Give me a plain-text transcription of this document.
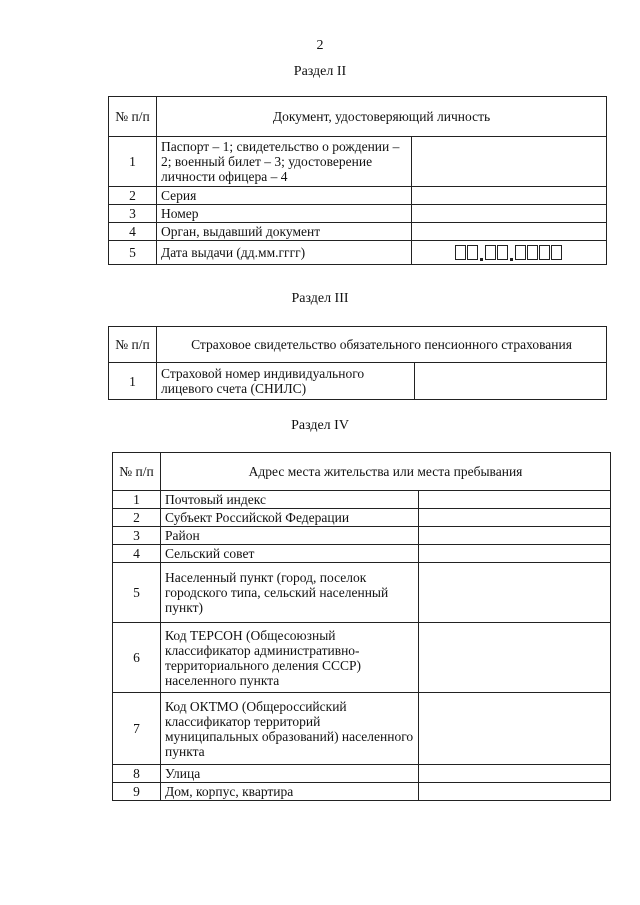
2
Раздел II
№ п/п	Документ, удостоверяющий личность	
1	Паспорт – 1; свидетельство о рождении – 2; военный билет – 3; удостоверение личности офицера – 4	
2	Серия	
3	Номер	
4	Орган, выдавший документ	
5	Дата выдачи (дд.мм.гггг)	
Раздел III
№ п/п	Страховое свидетельство обязательного пенсионного страхования	
1	Страховой номер индивидуального лицевого счета (СНИЛС)	
Раздел IV
№ п/п	Адрес места жительства или места пребывания	
1	Почтовый индекс	
2	Субъект Российской Федерации	
3	Район	
4	Сельский совет	
5	Населенный пункт (город, поселок городского типа, сельский населенный пункт)	
6	Код ТЕРСОН (Общесоюзный классификатор административно-территориального деления СССР) населенного пункта	
7	Код ОКТМО (Общероссийский классификатор территорий муниципальных образований) населенного пункта	
8	Улица	
9	Дом, корпус, квартира	
